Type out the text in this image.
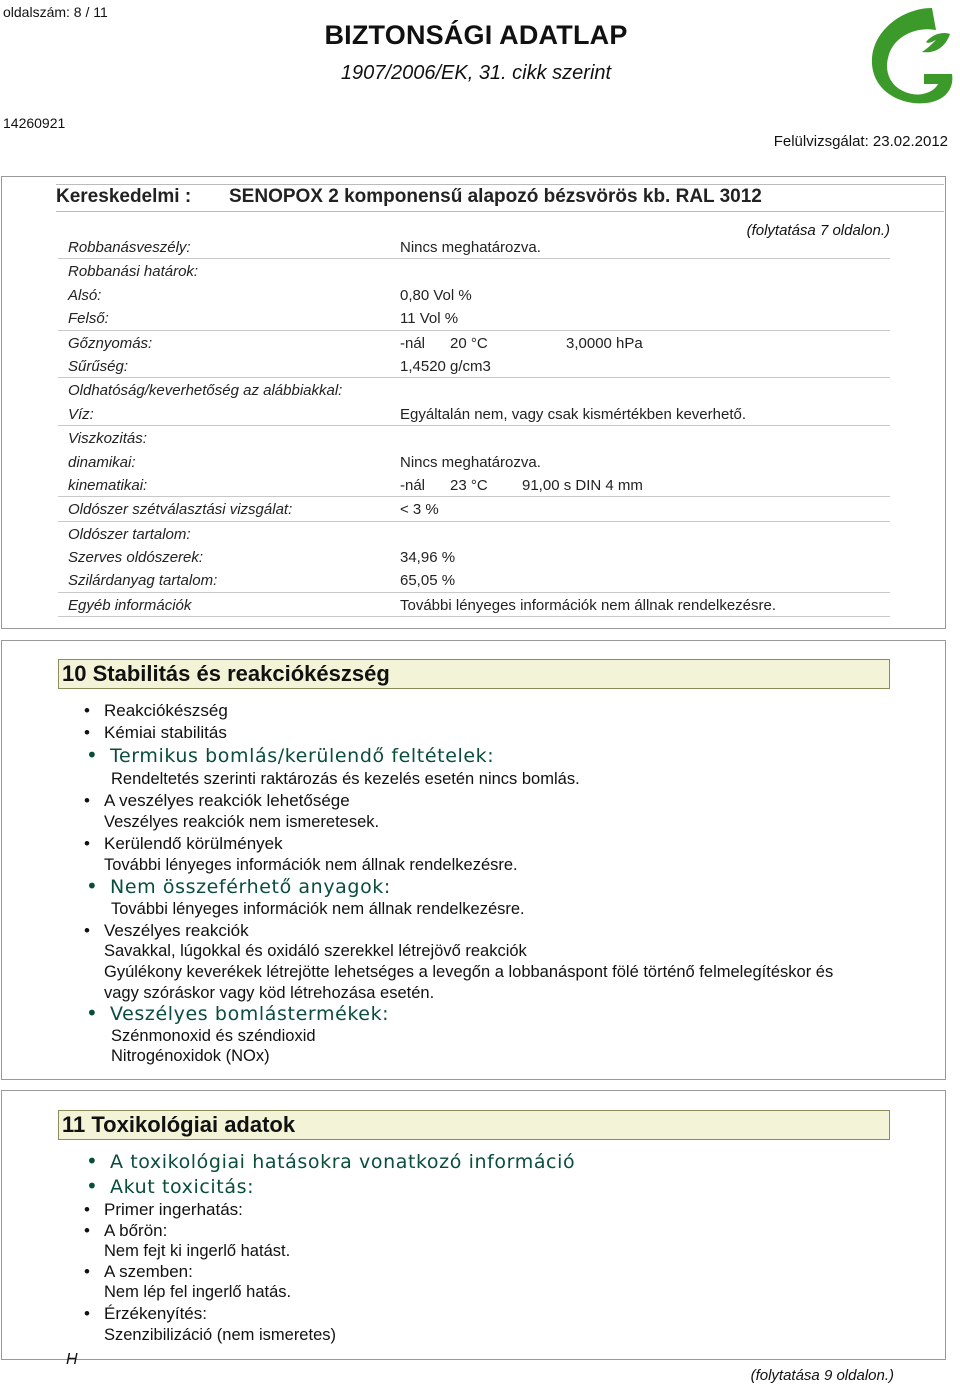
oldalszám: 8 / 11
BIZTONSÁGI ADATLAP
1907/2006/EK, 31. cikk szerint
14260921
Felülvizsgálat: 23.02.2012
Kereskedelmi : SENOPOX 2 komponensű alapozó bézsvörös kb. RAL 3012
(folytatása 7 oldalon.)
Robbanásveszély:	Nincs meghatározva.
Robbanási határok:
Alsó:	0,80 Vol %
Felső:	11 Vol %
Gőznyomás:	-nál 20 °C	3,0000 hPa
Sűrűség:	1,4520 g/cm3
Oldhatóság/keverhetőség az alábbiakkal:
Víz:	Egyáltalán nem, vagy csak kismértékben keverhető.
Viszkozitás:
dinamikai:	Nincs meghatározva.
kinematikai:	-nál 23 °C 91,00 s DIN 4 mm
Oldószer szétválasztási vizsgálat:	< 3 %
Oldószer tartalom:
Szerves oldószerek:	34,96 %
Szilárdanyag tartalom:	65,05 %
Egyéb információk	További lényeges információk nem állnak rendelkezésre.
10 Stabilitás és reakciókészség
• Reakciókészség
• Kémiai stabilitás
• Termikus bomlás/kerülendő feltételek:
Rendeltetés szerinti raktározás és kezelés esetén nincs bomlás.
• A veszélyes reakciók lehetősége
Veszélyes reakciók nem ismeretesek.
• Kerülendő körülmények
További lényeges információk nem állnak rendelkezésre.
• Nem összeférhető anyagok:
További lényeges információk nem állnak rendelkezésre.
• Veszélyes reakciók
Savakkal, lúgokkal és oxidáló szerekkel létrejövő reakciók
Gyúlékony keverékek létrejötte lehetséges a levegőn a lobbanáspont fölé történő felmelegítéskor és
vagy szóráskor vagy köd létrehozása esetén.
• Veszélyes bomlástermékek:
Szénmonoxid és széndioxid
Nitrogénoxidok (NOx)
11 Toxikológiai adatok
• A toxikológiai hatásokra vonatkozó információ
• Akut toxicitás:
• Primer ingerhatás:
• A bőrön:
Nem fejt ki ingerlő hatást.
• A szemben:
Nem lép fel ingerlő hatás.
• Érzékenyítés:
Szenzibilizáció (nem ismeretes)
H
(folytatása 9 oldalon.)
